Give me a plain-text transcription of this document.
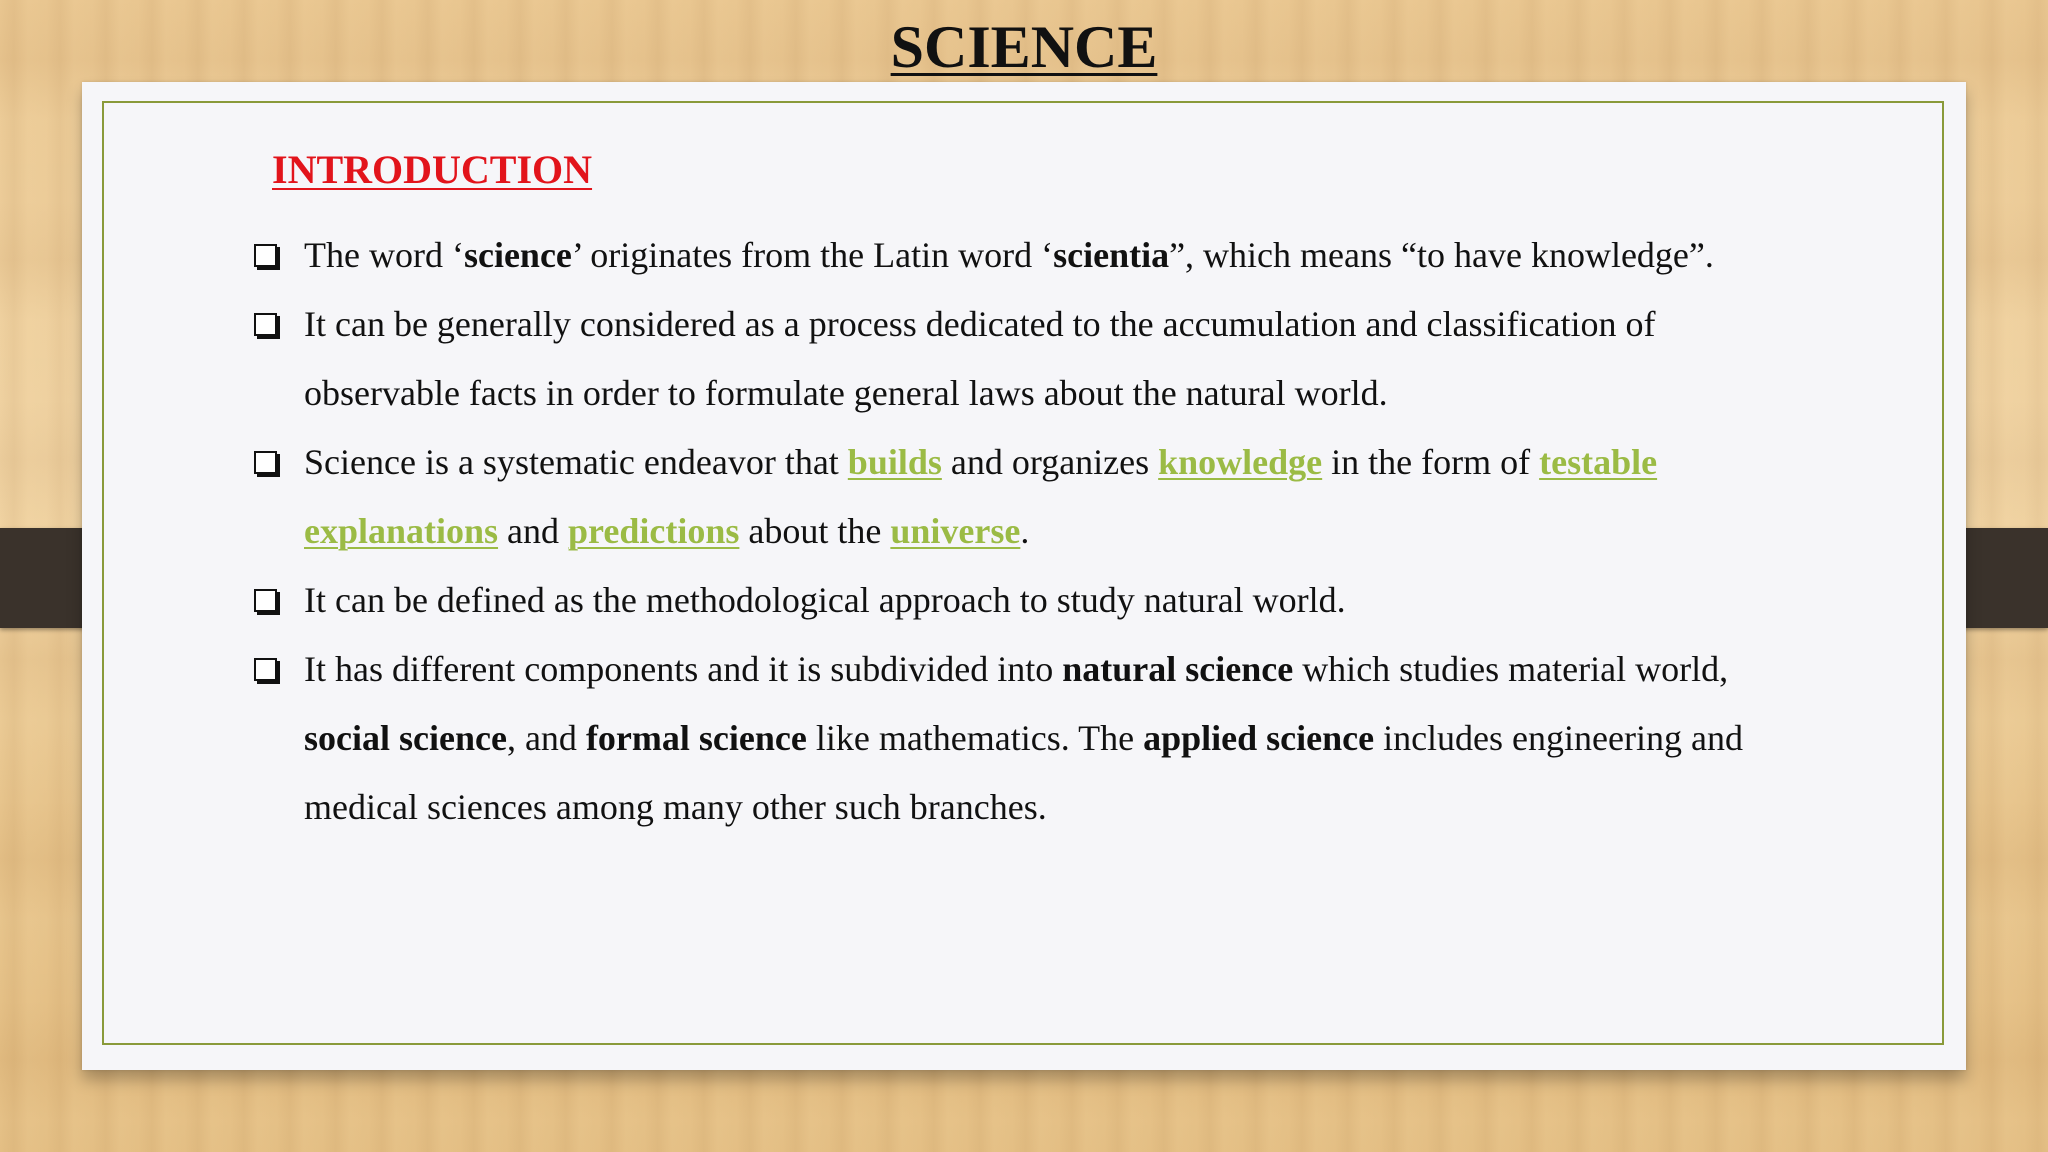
SCIENCE
INTRODUCTION
The word ‘science’ originates from the Latin word ‘scientia”, which means “to have knowledge”.
It can be generally considered as a process dedicated to the accumulation and classification of observable facts in order to formulate general laws about the natural world.
Science is a systematic endeavor that builds and organizes knowledge in the form of testable explanations and predictions about the universe.
It can be defined as the methodological approach to study natural world.
It has different components and it is subdivided into natural science which studies material world, social science, and formal science like mathematics. The applied science includes engineering and medical sciences among many other such branches.
